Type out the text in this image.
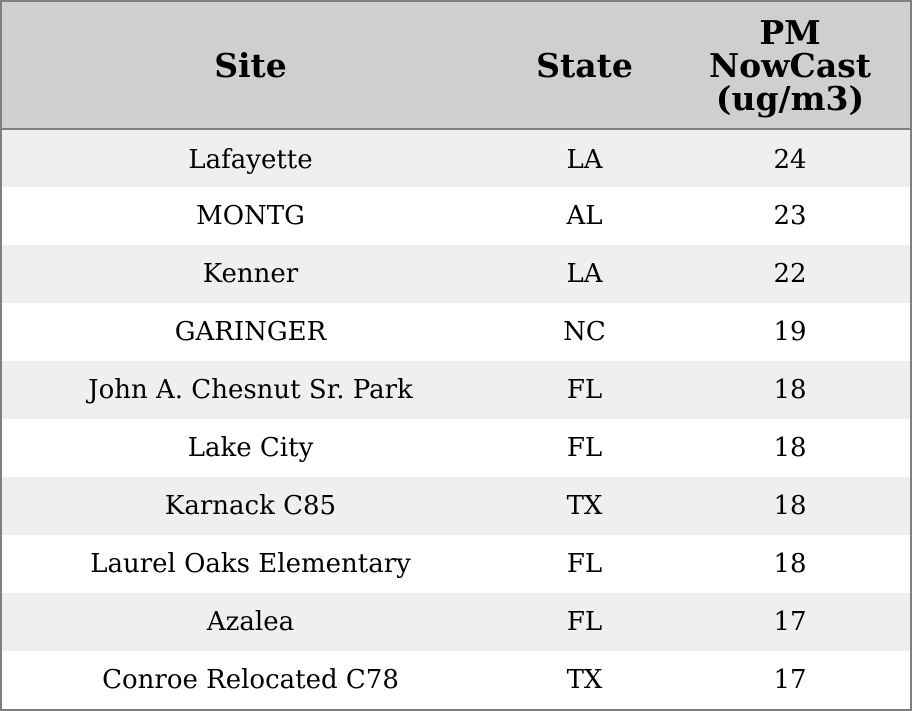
Site	State	PM
NowCast
(ug/m3)

Lafayette	LA	24
MONTG	AL	23
Kenner	LA	22
GARINGER	NC	19
John A. Chesnut Sr. Park	FL	18
Lake City	FL	18
Karnack C85	TX	18
Laurel Oaks Elementary	FL	18
Azalea	FL	17
Conroe Relocated C78	TX	17
